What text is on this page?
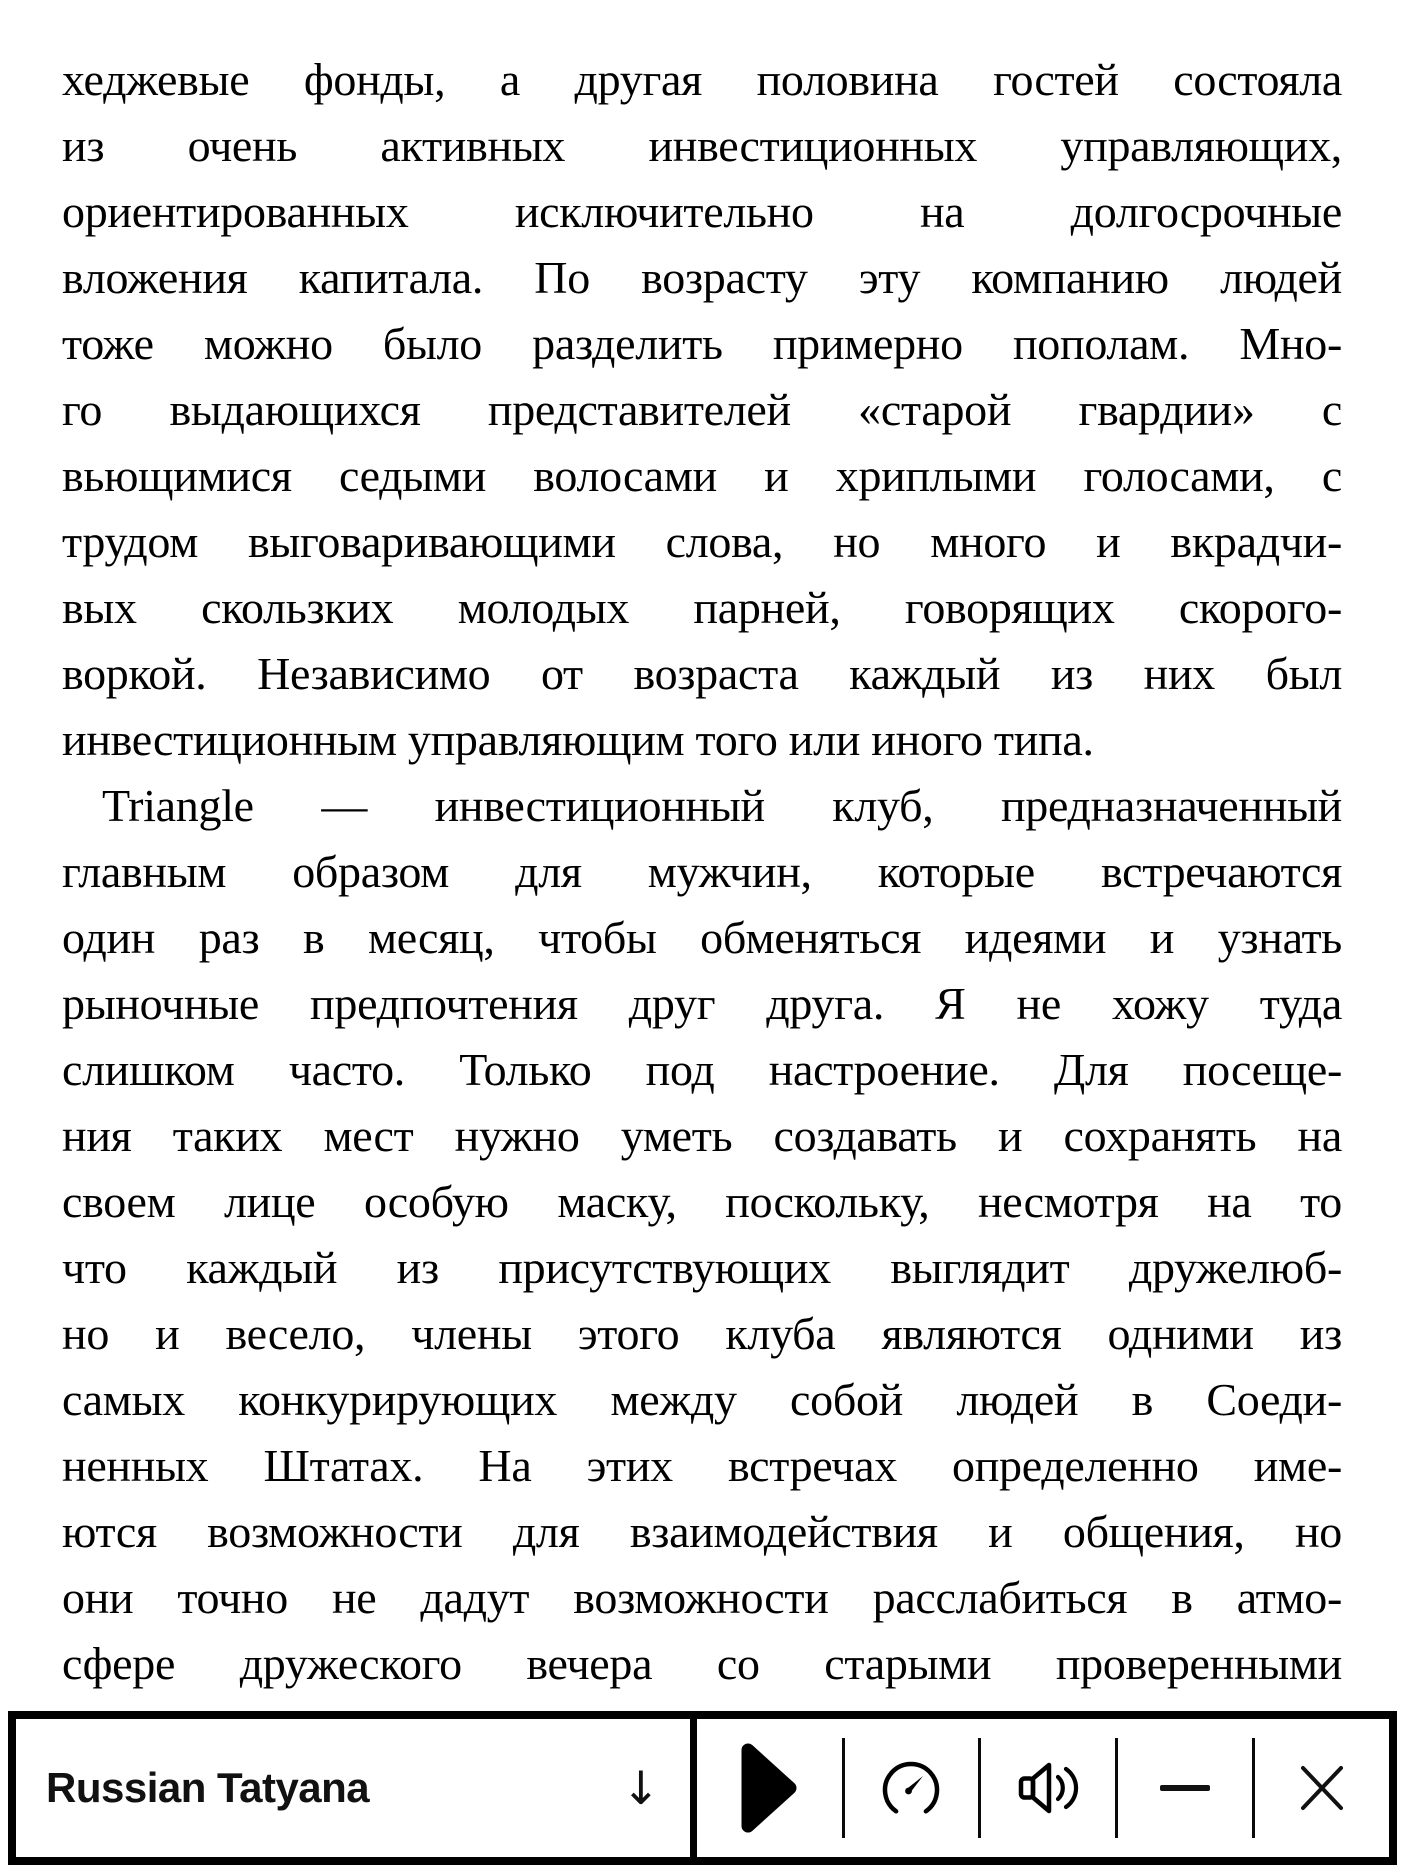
хеджевые фонды, а другая половина гостей состояла
из очень активных инвестиционных управляющих,
ориентированных исключительно на долгосрочные
вложения капитала. По возрасту эту компанию людей
тоже можно было разделить примерно пополам. Мно-
го выдающихся представителей «старой гвардии» с
вьющимися седыми волосами и хриплыми голосами, с
трудом выговаривающими слова, но много и вкрадчи-
вых скользких молодых парней, говорящих скорого-
воркой. Независимо от возраста каждый из них был
инвестиционным управляющим того или иного типа.
Triangle — инвестиционный клуб, предназначенный
главным образом для мужчин, которые встречаются
один раз в месяц, чтобы обменяться идеями и узнать
рыночные предпочтения друг друга. Я не хожу туда
слишком часто. Только под настроение. Для посеще-
ния таких мест нужно уметь создавать и сохранять на
своем лице особую маску, поскольку, несмотря на то
что каждый из присутствующих выглядит дружелюб-
но и весело, члены этого клуба являются одними из
самых конкурирующих между собой людей в Соеди-
ненных Штатах. На этих встречах определенно име-
ются возможности для взаимодействия и общения, но
они точно не дадут возможности расслабиться в атмо-
сфере дружеского вечера со старыми проверенными
Russian Tatyana	↓
